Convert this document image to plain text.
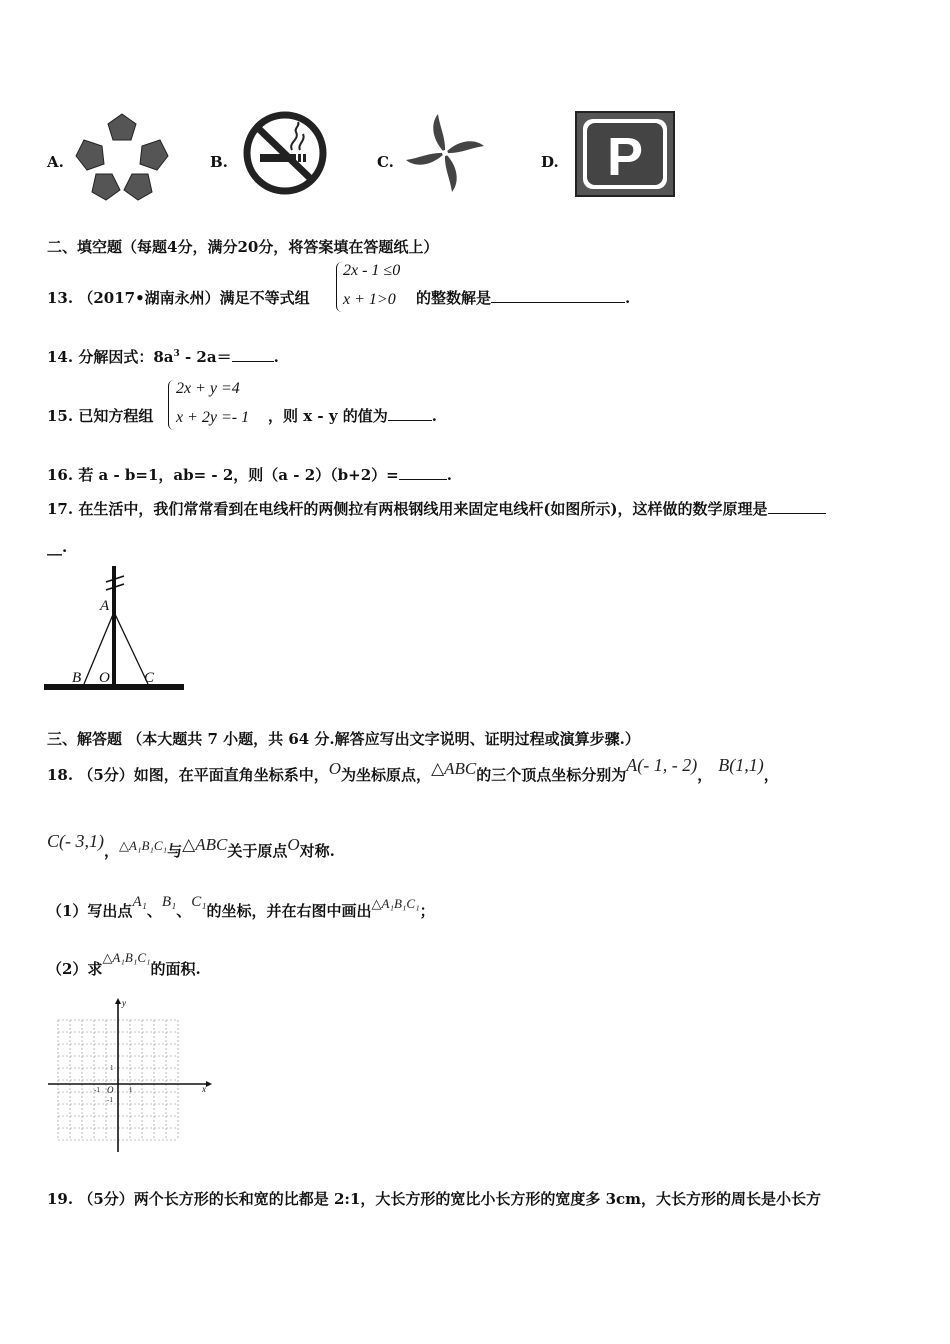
A.	B.	C.	D. P
二、填空题（每题4分，满分20分，将答案填在答题纸上）
13. （2017•湖南永州）满足不等式组
2x - 1 ≤0
x + 1>0 的整数解是	.
14. 分解因式：$8a^3 - 2a=$	.
15. 已知方程组
2x + y =4
x + 2y =- 1 ，则 x - y 的值为	.
16. 若 a - b=1，ab= - 2，则（a - 2）（b+2）=	.
17. 在生活中，我们常常看到在电线杆的两侧拉有两根钢线用来固定电线杆(如图所示)，这样做的数学原理是
__.
A
B O C
三、解答题 （本大题共 7 小题，共 64 分.解答应写出文字说明、证明过程或演算步骤.）
18. （5分）如图，在平面直角坐标系中，O为坐标原点，△ABC的三个顶点坐标分别为A(- 1, - 2)， B(1,1)，
C(- 3,1)，△A₁B₁C₁与△ABC关于原点O对称.
（1）写出点A₁、B₁、C₁的坐标，并在右图中画出△A₁B₁C₁；
（2）求△A₁B₁C₁的面积.
y
x
O
1
-1	1
-1
19. （5分）两个长方形的长和宽的比都是 2:1，大长方形的宽比小长方形的宽度多 3cm，大长方形的周长是小长方
